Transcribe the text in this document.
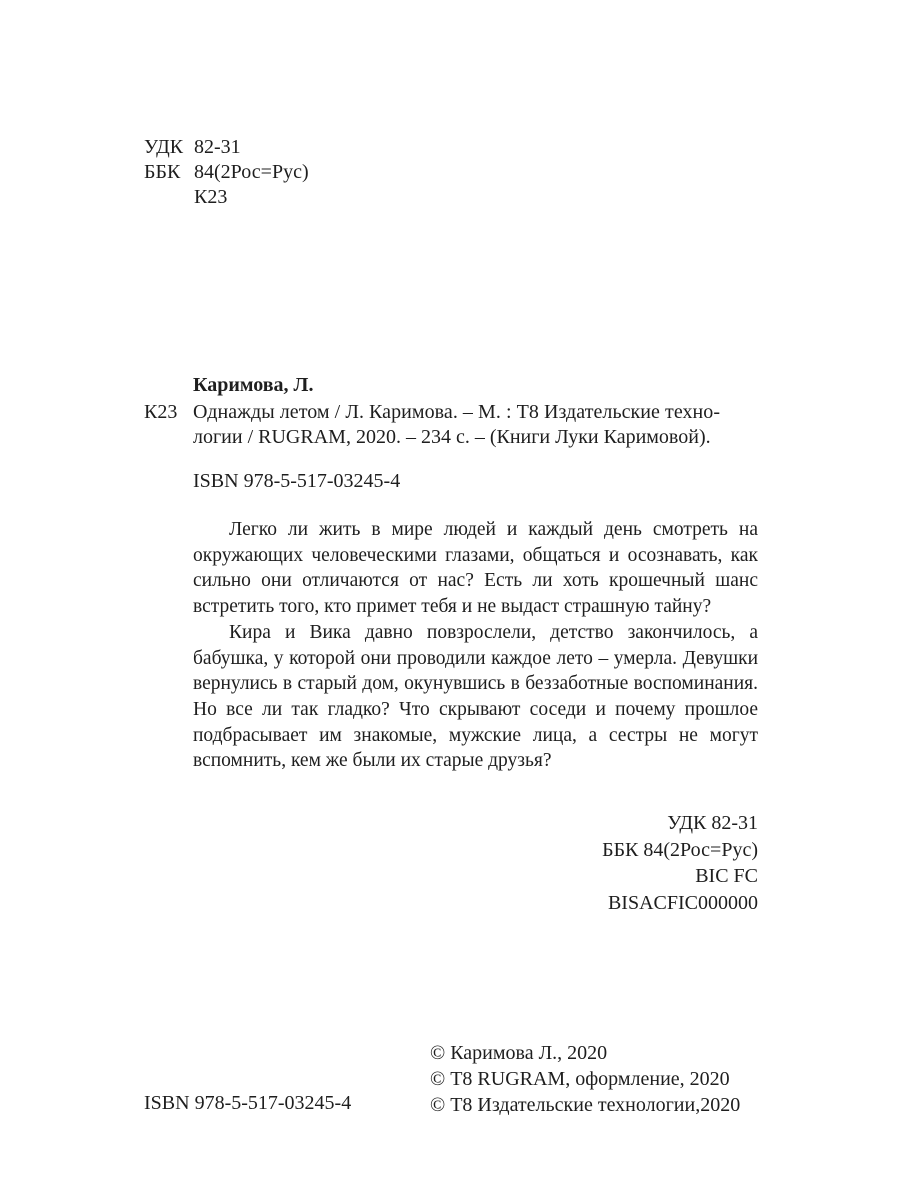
УДК 82-31
ББК 84(2Рос=Рус)
К23
Каримова, Л.
К23 Однажды летом / Л. Каримова. – М. : Т8 Издательские техно-
логии / RUGRAM, 2020. – 234 с. – (Книги Луки Каримовой).
ISBN 978-5-517-03245-4

Легко ли жить в мире людей и каждый день смотреть на окружающих человеческими глазами, общаться и осознавать, как сильно они отличаются от нас? Есть ли хоть крошечный шанс встретить того, кто примет тебя и не выдаст страшную тайну?

Кира и Вика давно повзрослели, детство закончилось, а бабушка, у которой они проводили каждое лето – умерла. Девушки вернулись в старый дом, окунувшись в беззаботные воспоминания. Но все ли так гладко? Что скрывают соседи и почему прошлое подбрасывает им знакомые, мужские лица, а сестры не могут вспомнить, кем же были их старые друзья?

УДК 82-31
ББК 84(2Рос=Рус)
BIC FC
BISACFIC000000
© Каримова Л., 2020
© Т8 RUGRAM, оформление, 2020
© Т8 Издательские технологии,2020
ISBN 978-5-517-03245-4
